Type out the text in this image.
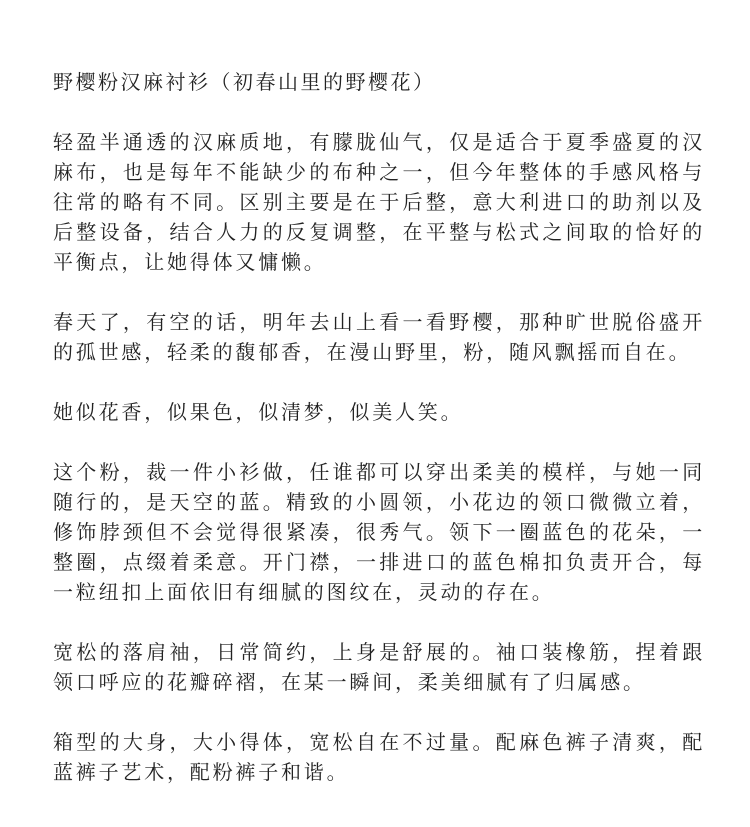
野樱粉汉麻衬衫（初春山里的野樱花）

轻盈半通透的汉麻质地，有朦胧仙气，仅是适合于夏季盛夏的汉麻布，也是每年不能缺少的布种之一，但今年整体的手感风格与往常的略有不同。区别主要是在于后整，意大利进口的助剂以及后整设备，结合人力的反复调整，在平整与松式之间取的恰好的平衡点，让她得体又慵懒。

春天了，有空的话，明年去山上看一看野樱，那种旷世脱俗盛开的孤世感，轻柔的馥郁香，在漫山野里，粉，随风飘摇而自在。

她似花香，似果色，似清梦，似美人笑。

这个粉，裁一件小衫做，任谁都可以穿出柔美的模样，与她一同随行的，是天空的蓝。精致的小圆领，小花边的领口微微立着，修饰脖颈但不会觉得很紧凑，很秀气。领下一圈蓝色的花朵，一整圈，点缀着柔意。开门襟，一排进口的蓝色棉扣负责开合，每一粒纽扣上面依旧有细腻的图纹在，灵动的存在。

宽松的落肩袖，日常简约，上身是舒展的。袖口装橡筋，捏着跟领口呼应的花瓣碎褶，在某一瞬间，柔美细腻有了归属感。

箱型的大身，大小得体，宽松自在不过量。配麻色裤子清爽，配蓝裤子艺术，配粉裤子和谐。
